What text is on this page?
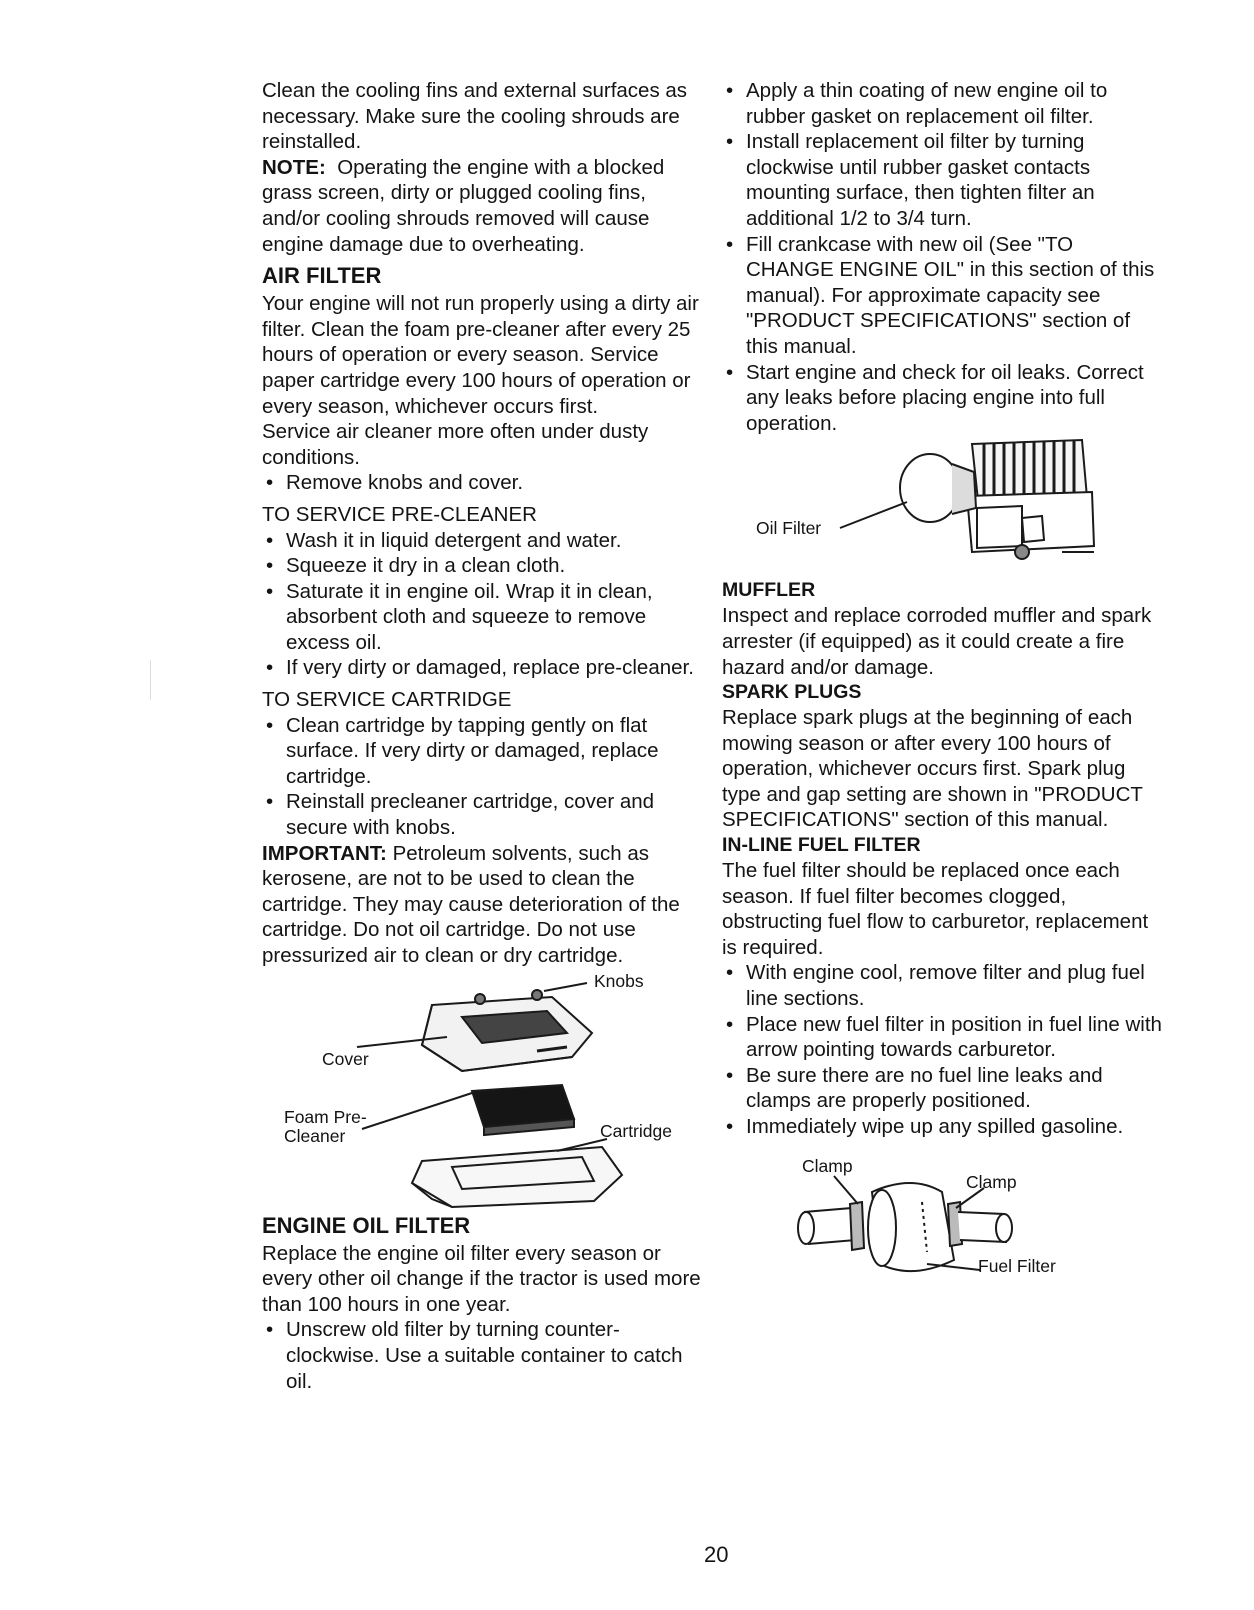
Clean the cooling fins and external surfaces as necessary. Make sure the cooling shrouds are reinstalled.

NOTE: Operating the engine with a blocked grass screen, dirty or plugged cooling fins, and/or cooling shrouds removed will cause engine damage due to overheating.

AIR FILTER

Your engine will not run properly using a dirty air filter. Clean the foam pre-cleaner after every 25 hours of operation or every season. Service paper cartridge every 100 hours of operation or every season, whichever occurs first.

Service air cleaner more often under dusty conditions.

• Remove knobs and cover.

TO SERVICE PRE-CLEANER

• Wash it in liquid detergent and water.
• Squeeze it dry in a clean cloth.
• Saturate it in engine oil. Wrap it in clean, absorbent cloth and squeeze to remove excess oil.
• If very dirty or damaged, replace pre-cleaner.

TO SERVICE CARTRIDGE

• Clean cartridge by tapping gently on flat surface. If very dirty or damaged, replace cartridge.
• Reinstall precleaner cartridge, cover and secure with knobs.

IMPORTANT: Petroleum solvents, such as kerosene, are not to be used to clean the cartridge. They may cause deterioration of the cartridge. Do not oil cartridge. Do not use pressurized air to clean or dry cartridge.

Knobs
Cover
Foam Pre-
Cleaner	Cartridge
ENGINE OIL FILTER

Replace the engine oil filter every season or every other oil change if the tractor is used more than 100 hours in one year.

• Unscrew old filter by turning counter-clockwise. Use a suitable container to catch oil.
• Apply a thin coating of new engine oil to rubber gasket on replacement oil filter.
• Install replacement oil filter by turning clockwise until rubber gasket contacts mounting surface, then tighten filter an additional 1/2 to 3/4 turn.
• Fill crankcase with new oil (See "TO CHANGE ENGINE OIL" in this section of this manual). For approximate capacity see "PRODUCT SPECIFICATIONS" section of this manual.
• Start engine and check for oil leaks. Correct any leaks before placing engine into full operation.
Oil Filter
MUFFLER

Inspect and replace corroded muffler and spark arrester (if equipped) as it could create a fire hazard and/or damage.

SPARK PLUGS

Replace spark plugs at the beginning of each mowing season or after every 100 hours of operation, whichever occurs first. Spark plug type and gap setting are shown in "PRODUCT SPECIFICATIONS" section of this manual.

IN-LINE FUEL FILTER

The fuel filter should be replaced once each season. If fuel filter becomes clogged, obstructing fuel flow to carburetor, replacement is required.

• With engine cool, remove filter and plug fuel line sections.
• Place new fuel filter in position in fuel line with arrow pointing towards carburetor.
• Be sure there are no fuel line leaks and clamps are properly positioned.
• Immediately wipe up any spilled gasoline.
Clamp
Clamp
Fuel Filter
20
